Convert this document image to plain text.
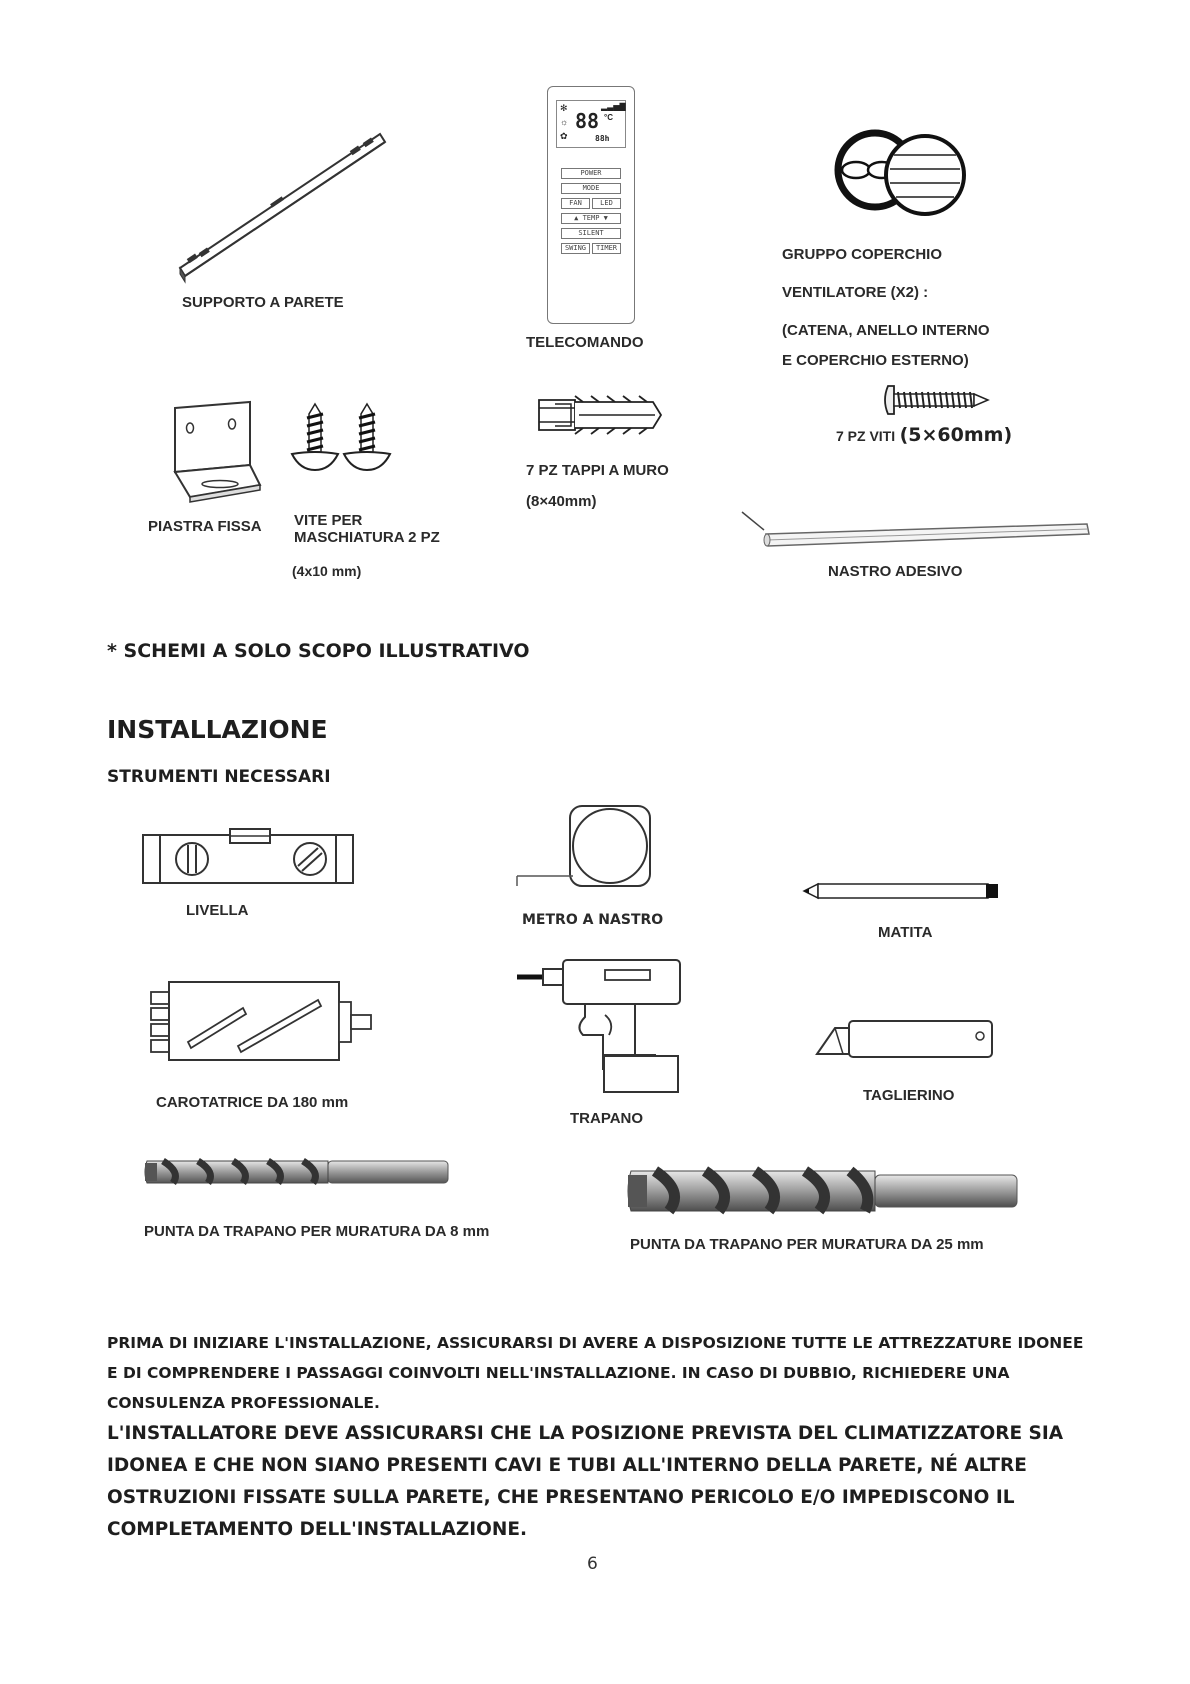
SUPPORTO A PARETE
✻
☼
✿
▂▃▅▇
88 °C
88h
POWER
MODE
FAN	LED
▲ TEMP ▼
SILENT
SWING	TIMER
TELECOMANDO
GRUPPO COPERCHIO
VENTILATORE (X2) :
(CATENA, ANELLO INTERNO
E COPERCHIO ESTERNO)
PIASTRA FISSA VITE PER
MASCHIATURA 2 PZ
(4x10 mm)
7 PZ TAPPI A MURO
(8×40mm)
7 PZ VITI (5×60mm)
NASTRO ADESIVO
* SCHEMI A SOLO SCOPO ILLUSTRATIVO
INSTALLAZIONE
STRUMENTI NECESSARI
LIVELLA
METRO A NASTRO
MATITA
CAROTATRICE DA 180 mm
TRAPANO
TAGLIERINO
PUNTA DA TRAPANO PER MURATURA DA 8 mm
PUNTA DA TRAPANO PER MURATURA DA 25 mm
PRIMA DI INIZIARE L'INSTALLAZIONE, ASSICURARSI DI AVERE A DISPOSIZIONE TUTTE LE ATTREZZATURE IDONEE E DI COMPRENDERE I PASSAGGI COINVOLTI NELL'INSTALLAZIONE. IN CASO DI DUBBIO, RICHIEDERE UNA CONSULENZA PROFESSIONALE.
L'INSTALLATORE DEVE ASSICURARSI CHE LA POSIZIONE PREVISTA DEL CLIMATIZZATORE SIA IDONEA E CHE NON SIANO PRESENTI CAVI E TUBI ALL'INTERNO DELLA PARETE, NÉ ALTRE OSTRUZIONI FISSATE SULLA PARETE, CHE PRESENTANO PERICOLO E/O IMPEDISCONO IL COMPLETAMENTO DELL'INSTALLAZIONE.
6
